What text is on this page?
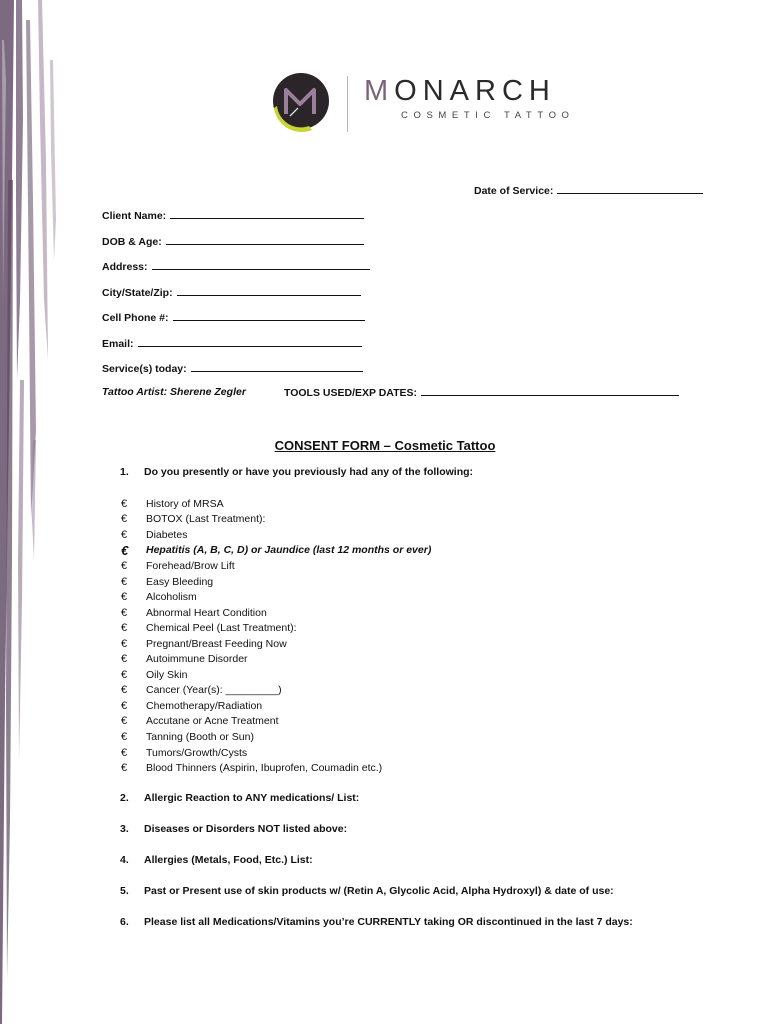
MONARCH
COSMETIC TATTOO
Date of Service:
Client Name:
DOB & Age:
Address:
City/State/Zip:
Cell Phone #:
Email:
Service(s) today:
Tattoo Artist: Sherene Zegler	TOOLS USED/EXP DATES:
CONSENT FORM – Cosmetic Tattoo
1. Do you presently or have you previously had any of the following:
€	History of MRSA
€	BOTOX (Last Treatment):
€	Diabetes
€	Hepatitis (A, B, C, D) or Jaundice (last 12 months or ever)
€	Forehead/Brow Lift
€	Easy Bleeding
€	Alcoholism
€	Abnormal Heart Condition
€	Chemical Peel (Last Treatment):
€	Pregnant/Breast Feeding Now
€	Autoimmune Disorder
€	Oily Skin
€	Cancer (Year(s): _________)
€	Chemotherapy/Radiation
€	Accutane or Acne Treatment
€	Tanning (Booth or Sun)
€	Tumors/Growth/Cysts
€	Blood Thinners (Aspirin, Ibuprofen, Coumadin etc.)
2. Allergic Reaction to ANY medications/ List:
3. Diseases or Disorders NOT listed above:
4. Allergies (Metals, Food, Etc.) List:
5. Past or Present use of skin products w/ (Retin A, Glycolic Acid, Alpha Hydroxyl) & date of use:
6. Please list all Medications/Vitamins you’re CURRENTLY taking OR discontinued in the last 7 days:
